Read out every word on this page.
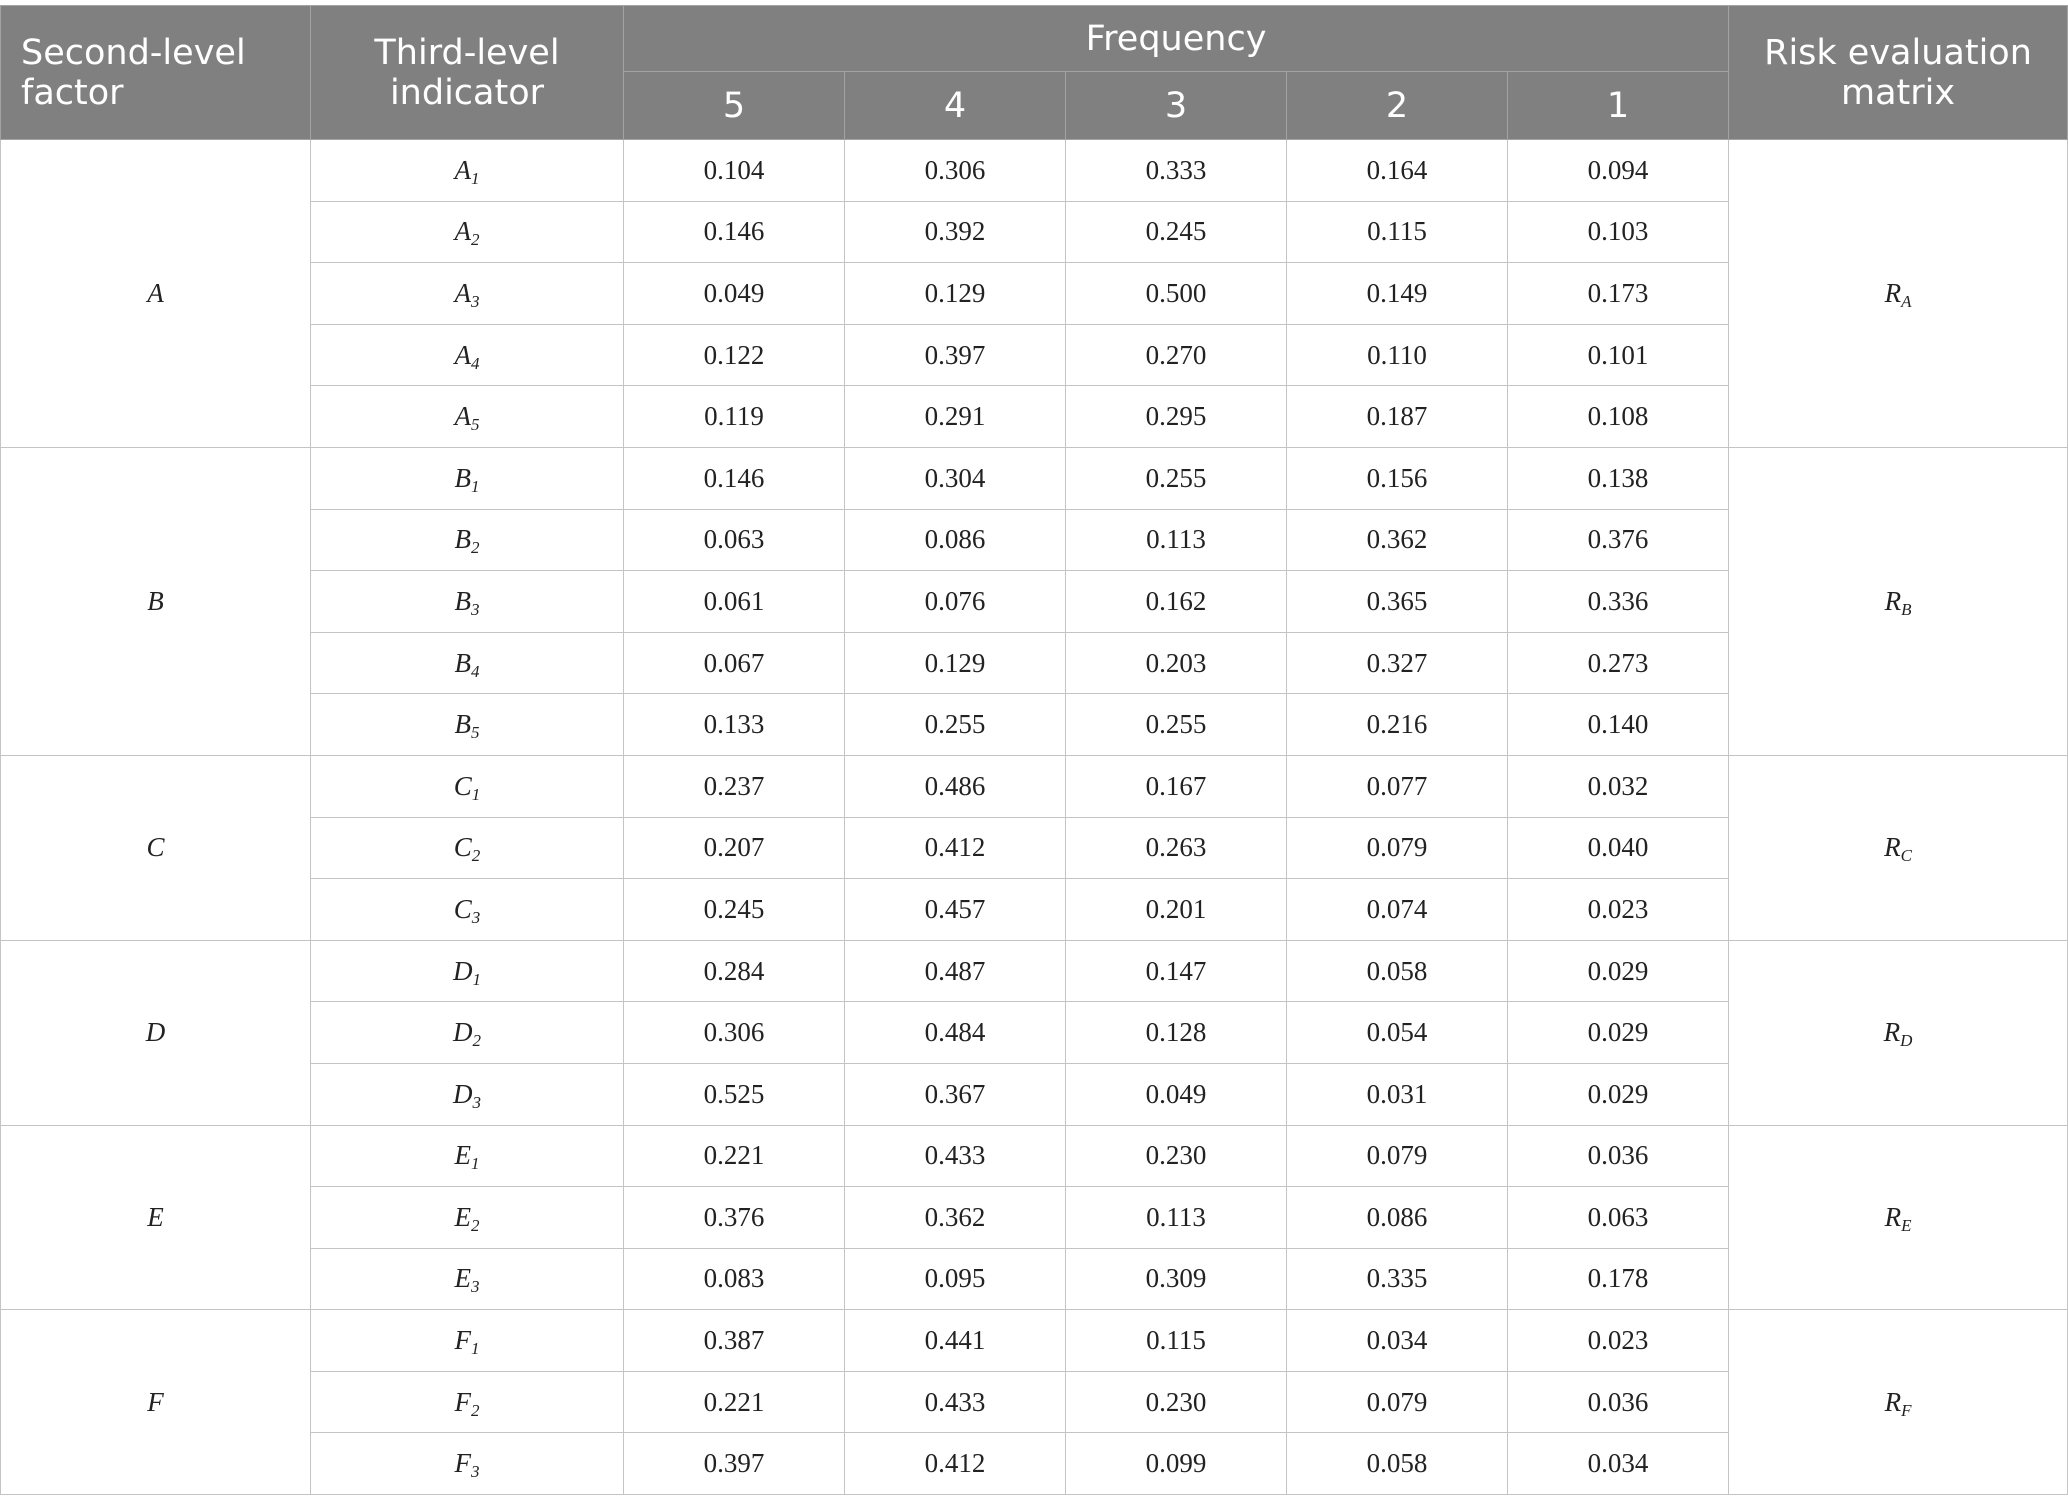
Second-level factor	Third-level indicator	Frequency					Risk evaluation matrix
		5	4	3	2	1	
A	$A_1$	0.104	0.306	0.333	0.164	0.094	$R_A$
	$A_2$	0.146	0.392	0.245	0.115	0.103	
	$A_3$	0.049	0.129	0.500	0.149	0.173	
	$A_4$	0.122	0.397	0.270	0.110	0.101	
	$A_5$	0.119	0.291	0.295	0.187	0.108	
B	$B_1$	0.146	0.304	0.255	0.156	0.138	$R_B$
	$B_2$	0.063	0.086	0.113	0.362	0.376	
	$B_3$	0.061	0.076	0.162	0.365	0.336	
	$B_4$	0.067	0.129	0.203	0.327	0.273	
	$B_5$	0.133	0.255	0.255	0.216	0.140	
C	$C_1$	0.237	0.486	0.167	0.077	0.032	$R_C$
	$C_2$	0.207	0.412	0.263	0.079	0.040	
	$C_3$	0.245	0.457	0.201	0.074	0.023	
D	$D_1$	0.284	0.487	0.147	0.058	0.029	$R_D$
	$D_2$	0.306	0.484	0.128	0.054	0.029	
	$D_3$	0.525	0.367	0.049	0.031	0.029	
E	$E_1$	0.221	0.433	0.230	0.079	0.036	$R_E$
	$E_2$	0.376	0.362	0.113	0.086	0.063	
	$E_3$	0.083	0.095	0.309	0.335	0.178	
F	$F_1$	0.387	0.441	0.115	0.034	0.023	$R_F$
	$F_2$	0.221	0.433	0.230	0.079	0.036	
	$F_3$	0.397	0.412	0.099	0.058	0.034	
